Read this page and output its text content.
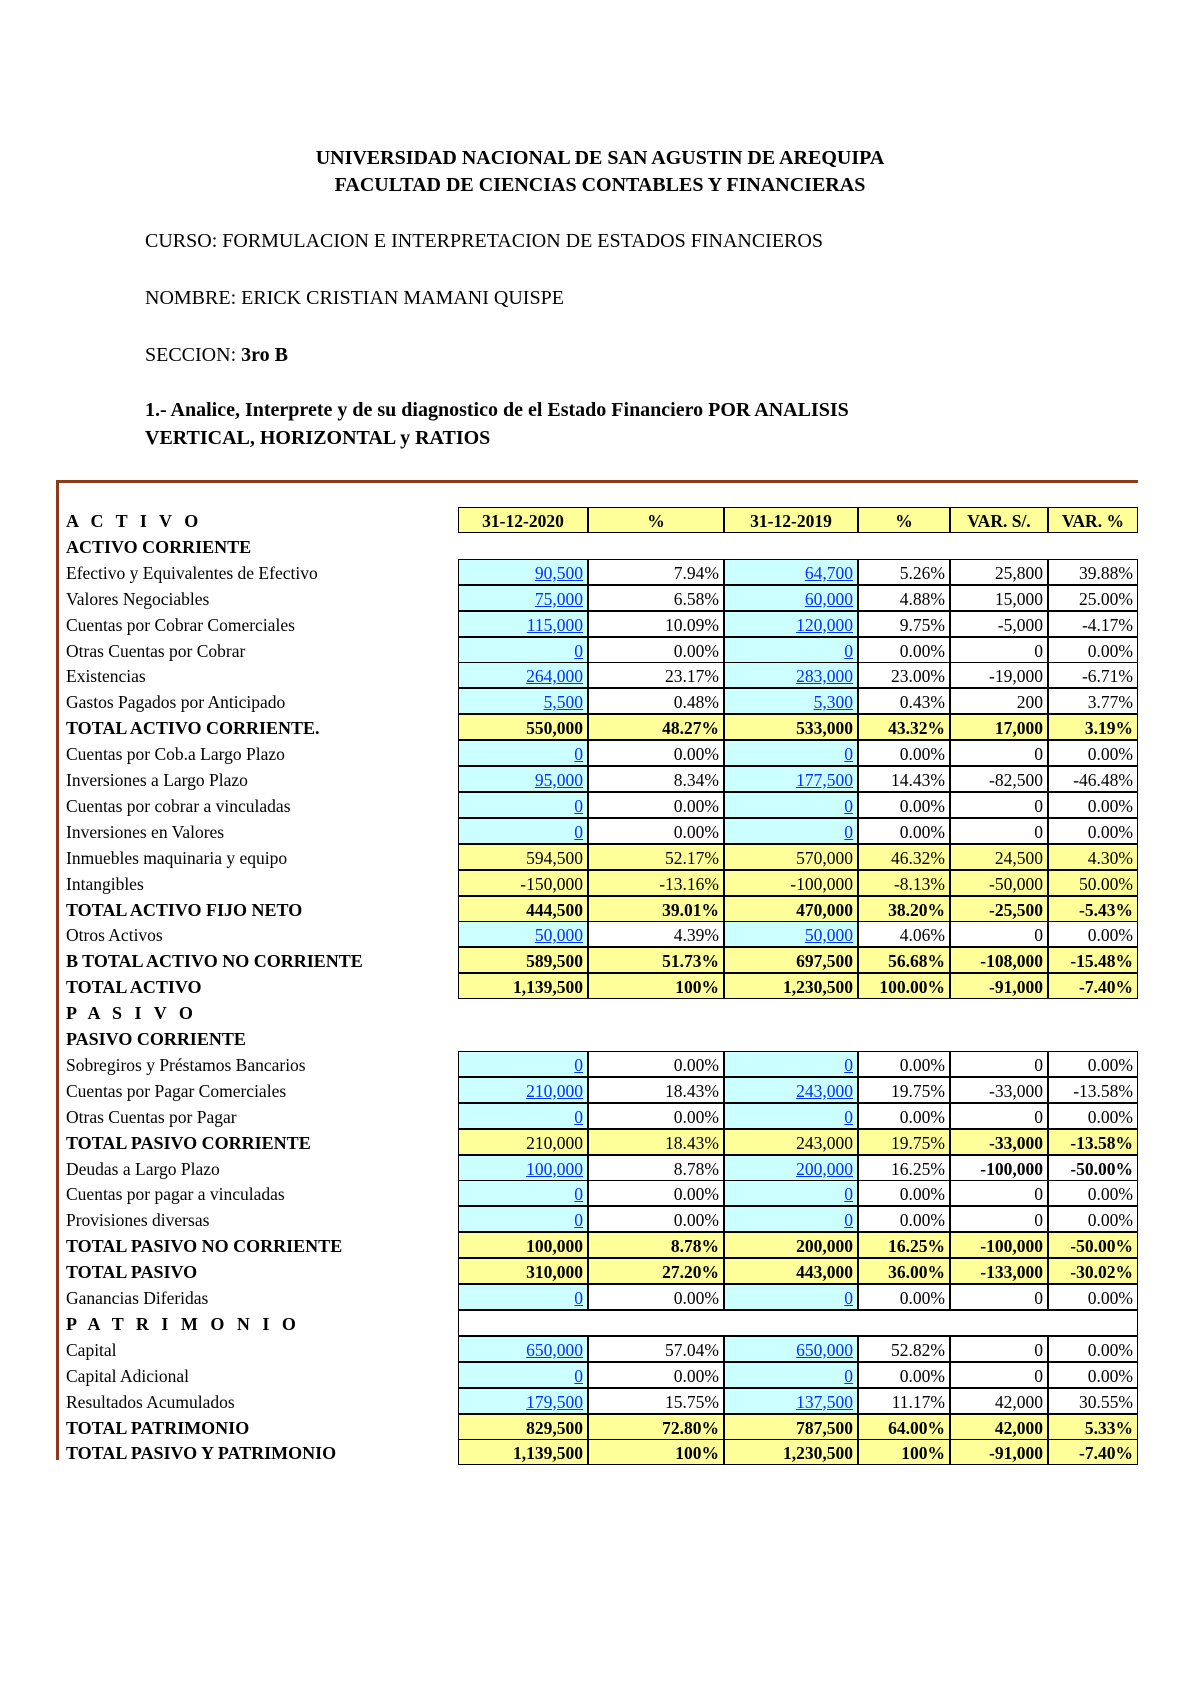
UNIVERSIDAD NACIONAL DE SAN AGUSTIN DE AREQUIPA
FACULTAD DE CIENCIAS CONTABLES Y FINANCIERAS
CURSO: FORMULACION E INTERPRETACION DE ESTADOS FINANCIEROS
NOMBRE: ERICK CRISTIAN MAMANI QUISPE
SECCION: 3ro B
1.- Analice, Interprete y de su diagnostico de el Estado Financiero POR ANALISIS
VERTICAL, HORIZONTAL y RATIOS
A C T I V O	31-12-2020	%	31-12-2019	%	VAR. S/.	VAR. %
ACTIVO CORRIENTE
Efectivo y Equivalentes de Efectivo	90,500	7.94%	64,700	5.26%	25,800	39.88%
Valores Negociables	75,000	6.58%	60,000	4.88%	15,000	25.00%
Cuentas por Cobrar Comerciales	115,000	10.09%	120,000	9.75%	-5,000	-4.17%
Otras Cuentas por Cobrar	0	0.00%	0	0.00%	0	0.00%
Existencias	264,000	23.17%	283,000	23.00%	-19,000	-6.71%
Gastos Pagados por Anticipado	5,500	0.48%	5,300	0.43%	200	3.77%
TOTAL ACTIVO CORRIENTE.	550,000	48.27%	533,000	43.32%	17,000	3.19%
Cuentas por Cob.a Largo Plazo	0	0.00%	0	0.00%	0	0.00%
Inversiones a Largo Plazo	95,000	8.34%	177,500	14.43%	-82,500	-46.48%
Cuentas por cobrar a vinculadas	0	0.00%	0	0.00%	0	0.00%
Inversiones en Valores	0	0.00%	0	0.00%	0	0.00%
Inmuebles maquinaria y equipo	594,500	52.17%	570,000	46.32%	24,500	4.30%
Intangibles	-150,000	-13.16%	-100,000	-8.13%	-50,000	50.00%
TOTAL ACTIVO FIJO NETO	444,500	39.01%	470,000	38.20%	-25,500	-5.43%
Otros Activos	50,000	4.39%	50,000	4.06%	0	0.00%
B TOTAL ACTIVO NO CORRIENTE	589,500	51.73%	697,500	56.68%	-108,000	-15.48%
TOTAL ACTIVO	1,139,500	100%	1,230,500	100.00%	-91,000	-7.40%
P A S I V O
PASIVO CORRIENTE
Sobregiros y Préstamos Bancarios	0	0.00%	0	0.00%	0	0.00%
Cuentas por Pagar Comerciales	210,000	18.43%	243,000	19.75%	-33,000	-13.58%
Otras Cuentas por Pagar	0	0.00%	0	0.00%	0	0.00%
TOTAL PASIVO CORRIENTE	210,000	18.43%	243,000	19.75%	-33,000	-13.58%
Deudas a Largo Plazo	100,000	8.78%	200,000	16.25%	-100,000	-50.00%
Cuentas por pagar a vinculadas	0	0.00%	0	0.00%	0	0.00%
Provisiones diversas	0	0.00%	0	0.00%	0	0.00%
TOTAL PASIVO NO CORRIENTE	100,000	8.78%	200,000	16.25%	-100,000	-50.00%
TOTAL PASIVO	310,000	27.20%	443,000	36.00%	-133,000	-30.02%
Ganancias Diferidas	0	0.00%	0	0.00%	0	0.00%
P A T R I M O N I O
Capital	650,000	57.04%	650,000	52.82%	0	0.00%
Capital Adicional	0	0.00%	0	0.00%	0	0.00%
Resultados Acumulados	179,500	15.75%	137,500	11.17%	42,000	30.55%
TOTAL PATRIMONIO	829,500	72.80%	787,500	64.00%	42,000	5.33%
TOTAL PASIVO Y PATRIMONIO	1,139,500	100%	1,230,500	100%	-91,000	-7.40%
